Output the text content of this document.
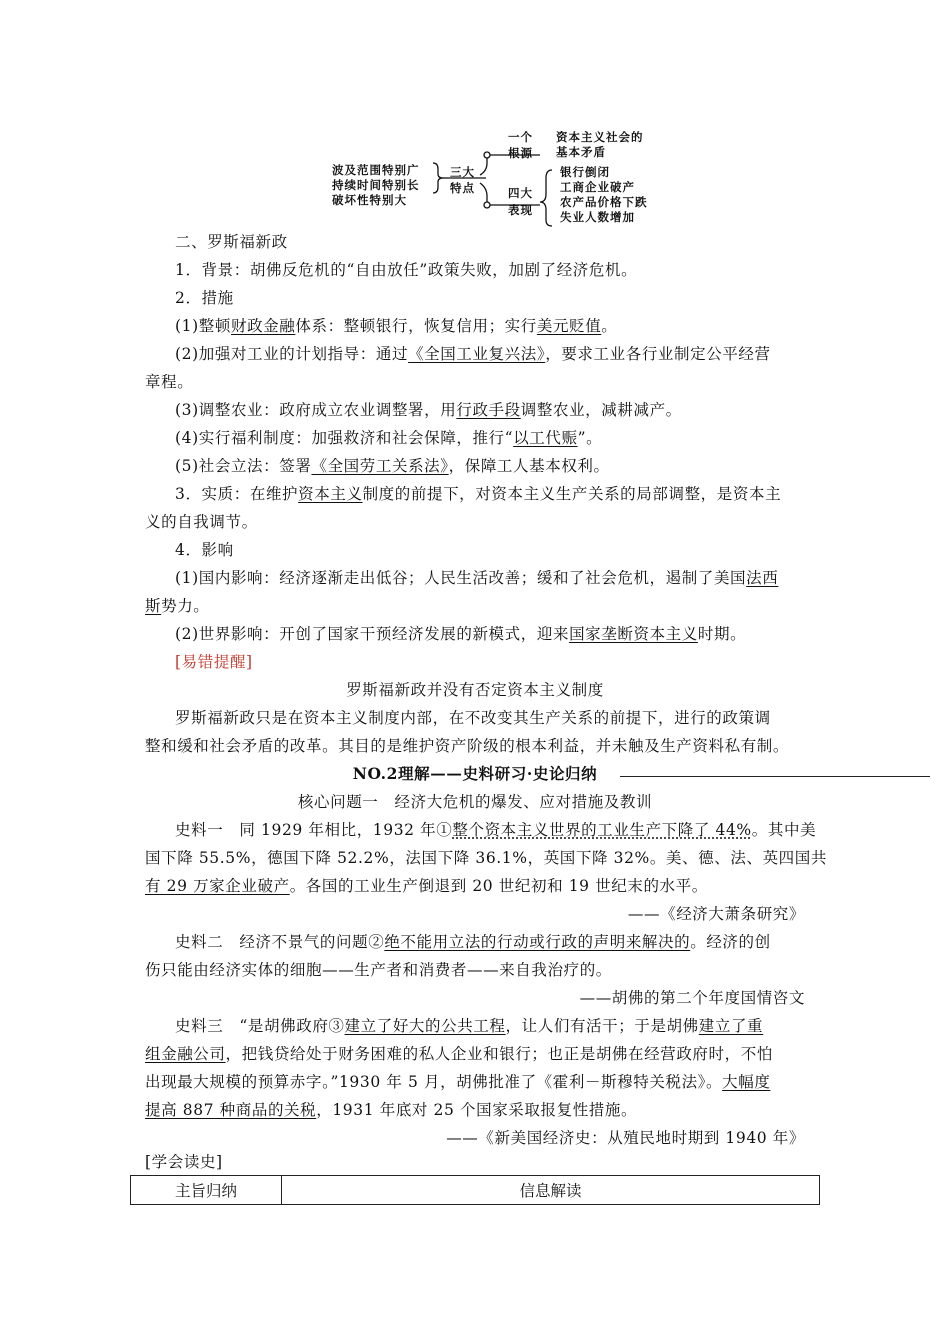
波及范围特别广
持续时间特别长
破坏性特别大
三大
特点
一个
根源
资本主义社会的
基本矛盾
四大
表现
银行倒闭
工商企业破产
农产品价格下跌
失业人数增加
二、罗斯福新政
1．背景：胡佛反危机的“自由放任”政策失败，加剧了经济危机。
2．措施
(1)整顿财政金融体系：整顿银行，恢复信用；实行美元贬值。
(2)加强对工业的计划指导：通过《全国工业复兴法》，要求工业各行业制定公平经营
章程。
(3)调整农业：政府成立农业调整署，用行政手段调整农业，减耕减产。
(4)实行福利制度：加强救济和社会保障，推行“以工代赈”。
(5)社会立法：签署《全国劳工关系法》，保障工人基本权利。
3．实质：在维护资本主义制度的前提下，对资本主义生产关系的局部调整，是资本主
义的自我调节。
4．影响
(1)国内影响：经济逐渐走出低谷；人民生活改善；缓和了社会危机，遏制了美国法西
斯势力。
(2)世界影响：开创了国家干预经济发展的新模式，迎来国家垄断资本主义时期。
[易错提醒]
罗斯福新政并没有否定资本主义制度
罗斯福新政只是在资本主义制度内部，在不改变其生产关系的前提下，进行的政策调
整和缓和社会矛盾的改革。其目的是维护资产阶级的根本利益，并未触及生产资料私有制。
NO.2理解——史料研习·史论归纳
核心问题一　经济大危机的爆发、应对措施及教训
史料一　同 1929 年相比，1932 年①整个资本主义世界的工业生产下降了 44%。其中美
国下降 55.5%，德国下降 52.2%，法国下降 36.1%，英国下降 32%。美、德、法、英四国共
有 29 万家企业破产。各国的工业生产倒退到 20 世纪初和 19 世纪末的水平。
——《经济大萧条研究》
史料二　经济不景气的问题②绝不能用立法的行动或行政的声明来解决的。经济的创
伤只能由经济实体的细胞——生产者和消费者——来自我治疗的。
——胡佛的第二个年度国情咨文
史料三　“是胡佛政府③建立了好大的公共工程，让人们有活干；于是胡佛建立了重
组金融公司，把钱贷给处于财务困难的私人企业和银行；也正是胡佛在经营政府时，不怕
出现最大规模的预算赤字。”1930 年 5 月，胡佛批准了《霍利－斯穆特关税法》。大幅度
提高 887 种商品的关税，1931 年底对 25 个国家采取报复性措施。
——《新美国经济史：从殖民地时期到 1940 年》
[学会读史]
主旨归纳	信息解读
